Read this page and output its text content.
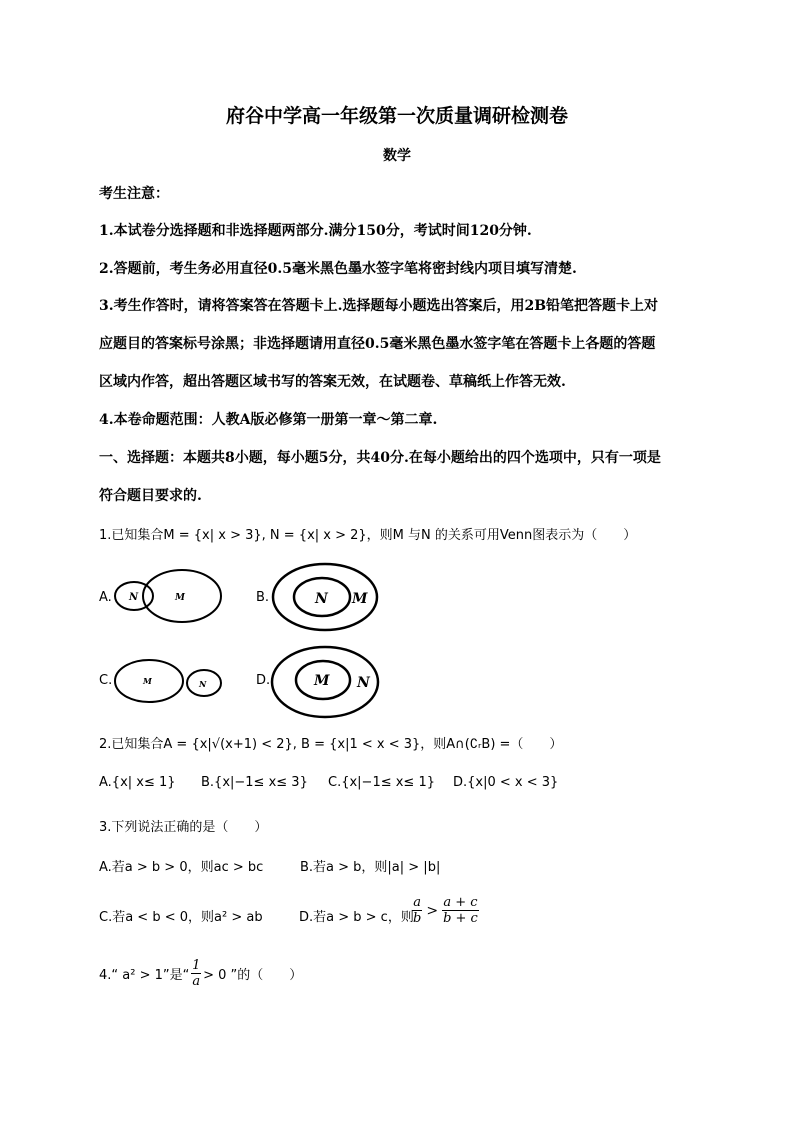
府谷中学高一年级第一次质量调研检测卷
数学
考生注意：
1.本试卷分选择题和非选择题两部分.满分150分，考试时间120分钟.
2.答题前，考生务必用直径0.5毫米黑色墨水签字笔将密封线内项目填写清楚.
3.考生作答时，请将答案答在答题卡上.选择题每小题选出答案后，用2B铅笔把答题卡上对
应题目的答案标号涂黑；非选择题请用直径0.5毫米黑色墨水签字笔在答题卡上各题的答题
区域内作答，超出答题区域书写的答案无效，在试题卷、草稿纸上作答无效.
4.本卷命题范围：人教A版必修第一册第一章～第二章.
一、选择题：本题共8小题，每小题5分，共40分.在每小题给出的四个选项中，只有一项是
符合题目要求的.
1.已知集合M = {x| x > 3}, N = {x| x > 2}，则M 与N 的关系可用Venn图表示为（　　）
A. N	M	B.	N M
C.	M	N	D.	M N
2.已知集合A = {x|√(x+1) < 2}, B = {x|1 < x < 3}，则A∩(∁ᵣB) =（　　）
A.{x| x≤ 1} B.{x|−1≤ x≤ 3} C.{x|−1≤ x≤ 1} D.{x|0 < x < 3}
3.下列说法正确的是（　　）
A.若a > b > 0，则ac > bc	B.若a > b，则|a| > |b|
C.若a < b < 0，则a² > ab	D.若a > b > c，则
$\frac{a}{b} > \frac{a + c}{b + c}$
4.“ a² > 1”是“ $\frac{1}{a} > 0$ ”的（　　）
